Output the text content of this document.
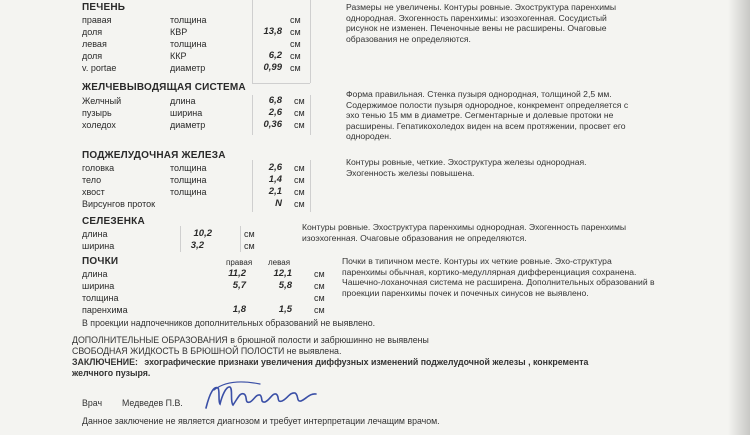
ПЕЧЕНЬ
правая	толщина	см
доля	КВР	13,8 см
левая	толщина	см
доля	ККР	6,2 см
v. portae	диаметр	0,99 см
ЖЕЛЧЕВЫВОДЯЩАЯ СИСТЕМА
Желчный	длина	6,8 см
пузырь	ширина	2,6 см
холедох	диаметр	0,36 см
ПОДЖЕЛУДОЧНАЯ ЖЕЛЕЗА
головка	толщина	2,6 см
тело	толщина	1,4 см
хвост	толщина	2,1 см
Вирсунгов проток	N см
СЕЛЕЗЕНКА
длина	10,2	см
ширина	3,2	см
ПОЧКИ	правая левая
длина	11,2	12,1 см
ширина	5,7	5,8 см
толщина	см
паренхима	1,8	1,5 см
Размеры не увеличены. Контуры ровные. Эхоструктура паренхимы
однородная. Эхогенность паренхимы: изоэхогенная. Сосудистый
рисунок не изменен. Печеночные вены не расширены. Очаговые
образования не определяются.
Форма правильная. Стенка пузыря однородная, толщиной 2,5 мм.
Содержимое полости пузыря однородное, конкремент определяется с
эхо тенью 15 мм в диаметре. Сегментарные и долевые протоки не
расширены. Гепатикохоледох виден на всем протяжении, просвет его
однороден.
Контуры ровные, четкие. Эхоструктура железы однородная.
Эхогенность железы повышена.
Контуры ровные. Эхоструктура паренхимы однородная. Эхогенность паренхимы
изоэхогенная. Очаговые образования не определяются.
Почки в типичном месте. Контуры их четкие ровные. Эхо-структура
паренхимы обычная, кортико-медуллярная дифференциация сохранена.
Чашечно-лоханочная система не расширена. Дополнительных образований в
проекции паренхимы почек и почечных синусов не выявлено.
В проекции надпочечников дополнительных образований не выявлено.
ДОПОЛНИТЕЛЬНЫЕ ОБРАЗОВАНИЯ в брюшной полости и забрюшинно не выявлены
СВОБОДНАЯ ЖИДКОСТЬ В БРЮШНОЙ ПОЛОСТИ не выявлена.
ЗАКЛЮЧЕНИЕ: эхографические признаки увеличения диффузных изменений поджелудочной железы , конкремента
желчного пузыря.
Врач Медведев П.В.
Данное заключение не является диагнозом и требует интерпретации лечащим врачом.
